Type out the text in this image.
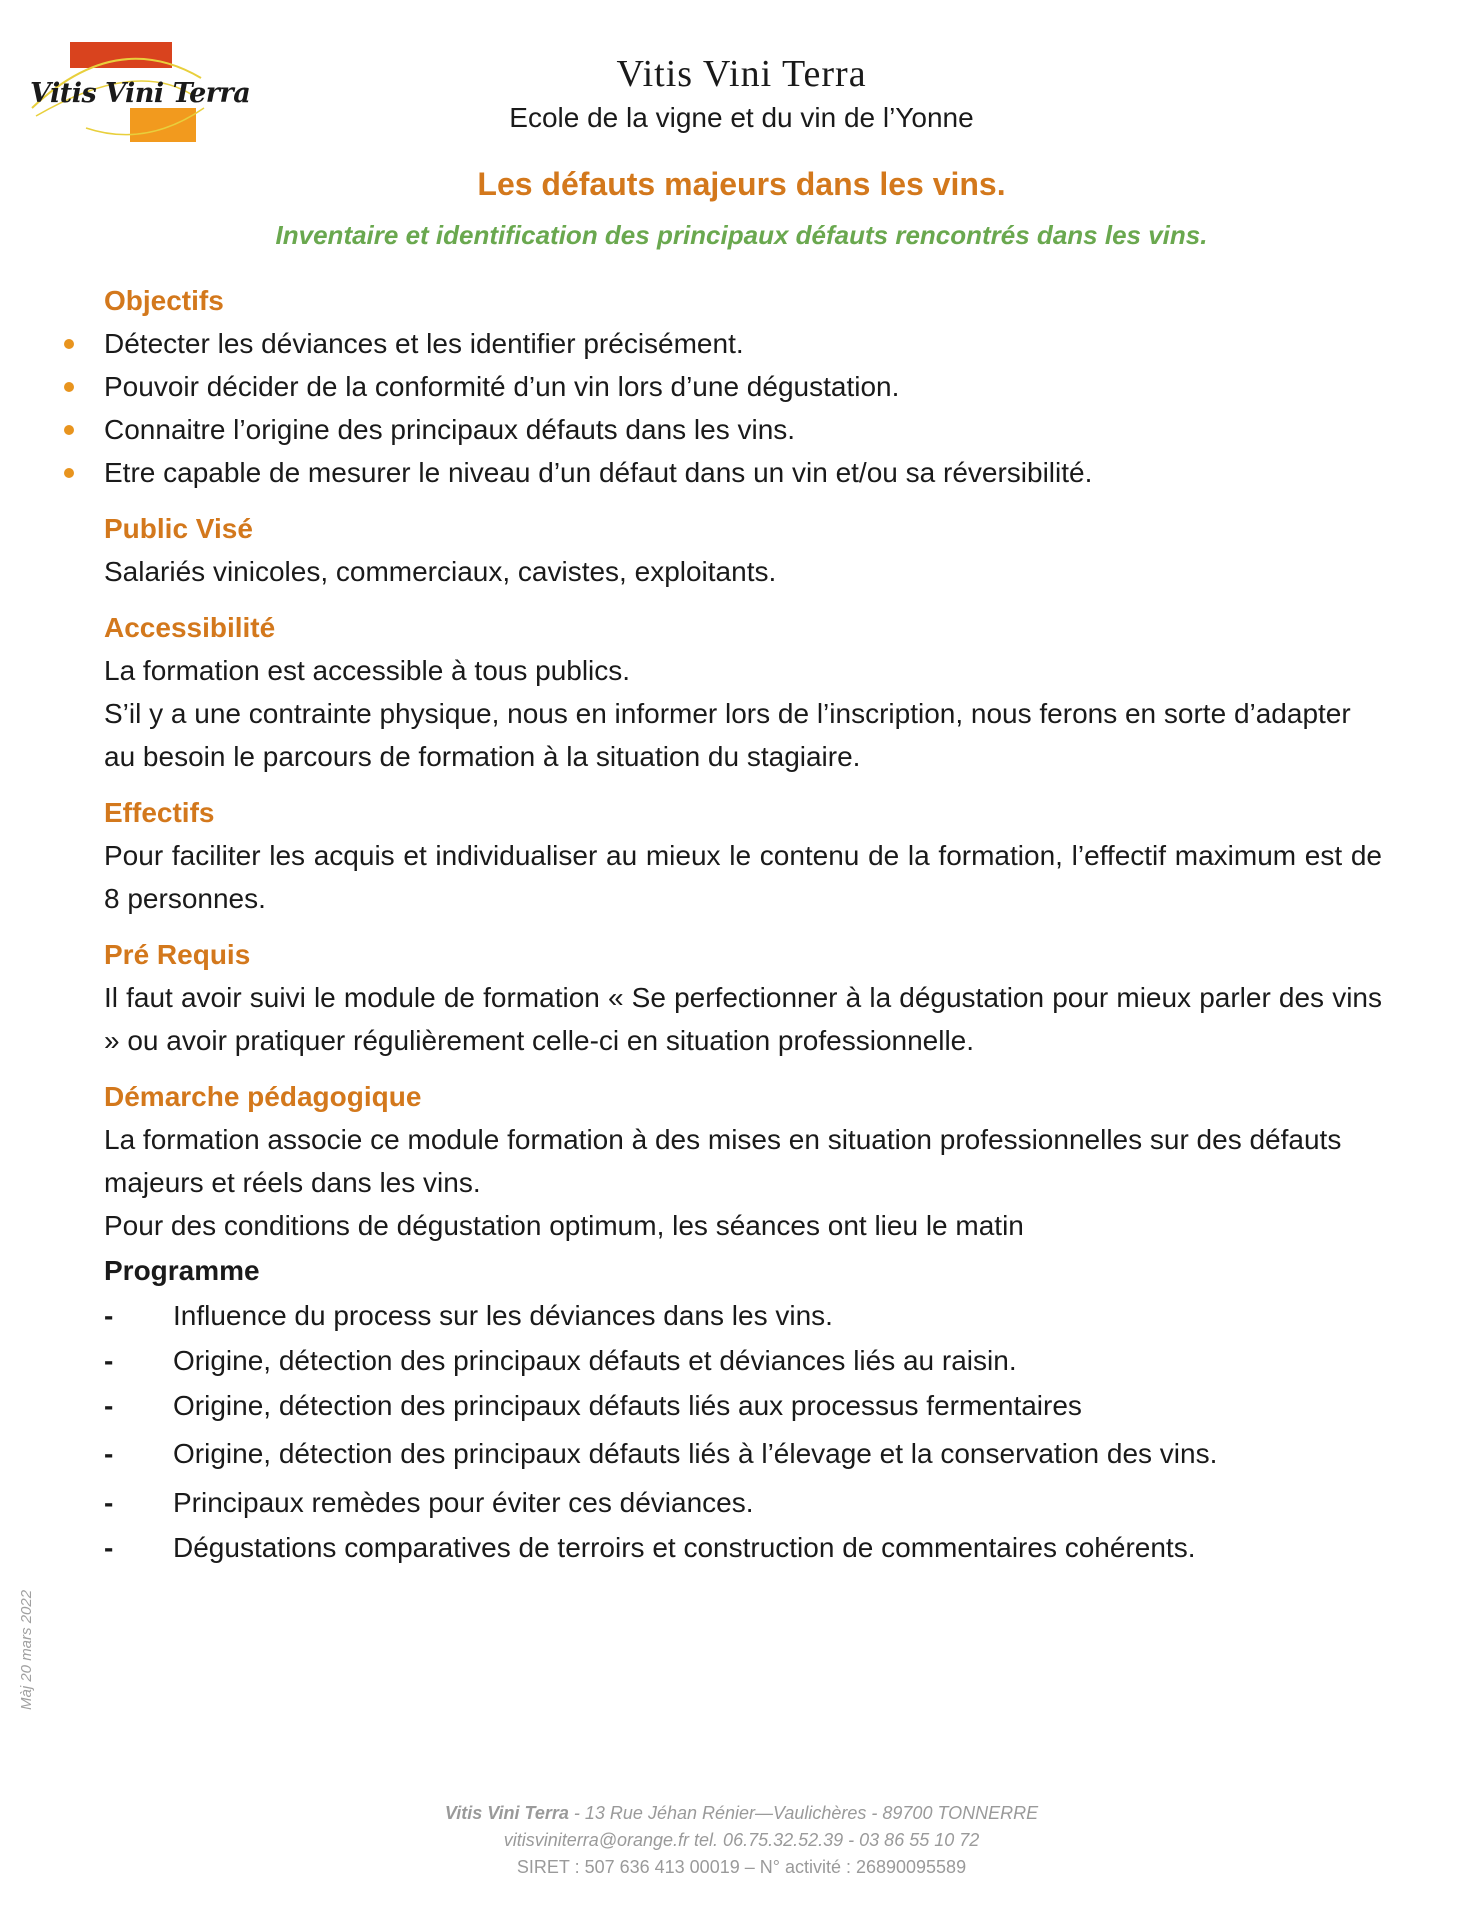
Vitis Vini Terra	Vitis Vini Terra
Ecole de la vigne et du vin de l’Yonne
Les défauts majeurs dans les vins.
Inventaire et identification des principaux défauts rencontrés dans les vins.
Objectifs
Détecter les déviances et les identifier précisément.
Pouvoir décider de la conformité d’un vin lors d’une dégustation.
Connaitre l’origine des principaux défauts dans les vins.
Etre capable de mesurer le niveau d’un défaut dans un vin et/ou sa réversibilité.
Public Visé
Salariés vinicoles, commerciaux, cavistes, exploitants.
Accessibilité
La formation est accessible à tous publics.
S’il y a une contrainte physique, nous en informer lors de l’inscription, nous ferons en sorte d’adapter au besoin le parcours de formation à la situation du stagiaire.
Effectifs
Pour faciliter les acquis et individualiser au mieux le contenu de la formation, l’effectif maximum est de 8 personnes.
Pré Requis
Il faut avoir suivi le module de formation « Se perfectionner à la dégustation pour mieux parler des vins » ou avoir pratiquer régulièrement celle-ci en situation professionnelle.
Démarche pédagogique
La formation associe ce module formation à des mises en situation professionnelles sur des défauts majeurs et réels dans les vins.
Pour des conditions de dégustation optimum, les séances ont lieu le matin
Programme
- Influence du process sur les déviances dans les vins.
- Origine, détection des principaux défauts et déviances liés au raisin.
- Origine, détection des principaux défauts liés aux processus fermentaires
- Origine, détection des principaux défauts liés à l’élevage et la conservation des vins.
- Principaux remèdes pour éviter ces déviances.
- Dégustations comparatives de terroirs et construction de commentaires cohérents.
Màj 20 mars 2022
Vitis Vini Terra - 13 Rue Jéhan Rénier—Vaulichères - 89700 TONNERRE
vitisviniterra@orange.fr tel. 06.75.32.52.39 - 03 86 55 10 72
SIRET : 507 636 413 00019 – N° activité : 26890095589
